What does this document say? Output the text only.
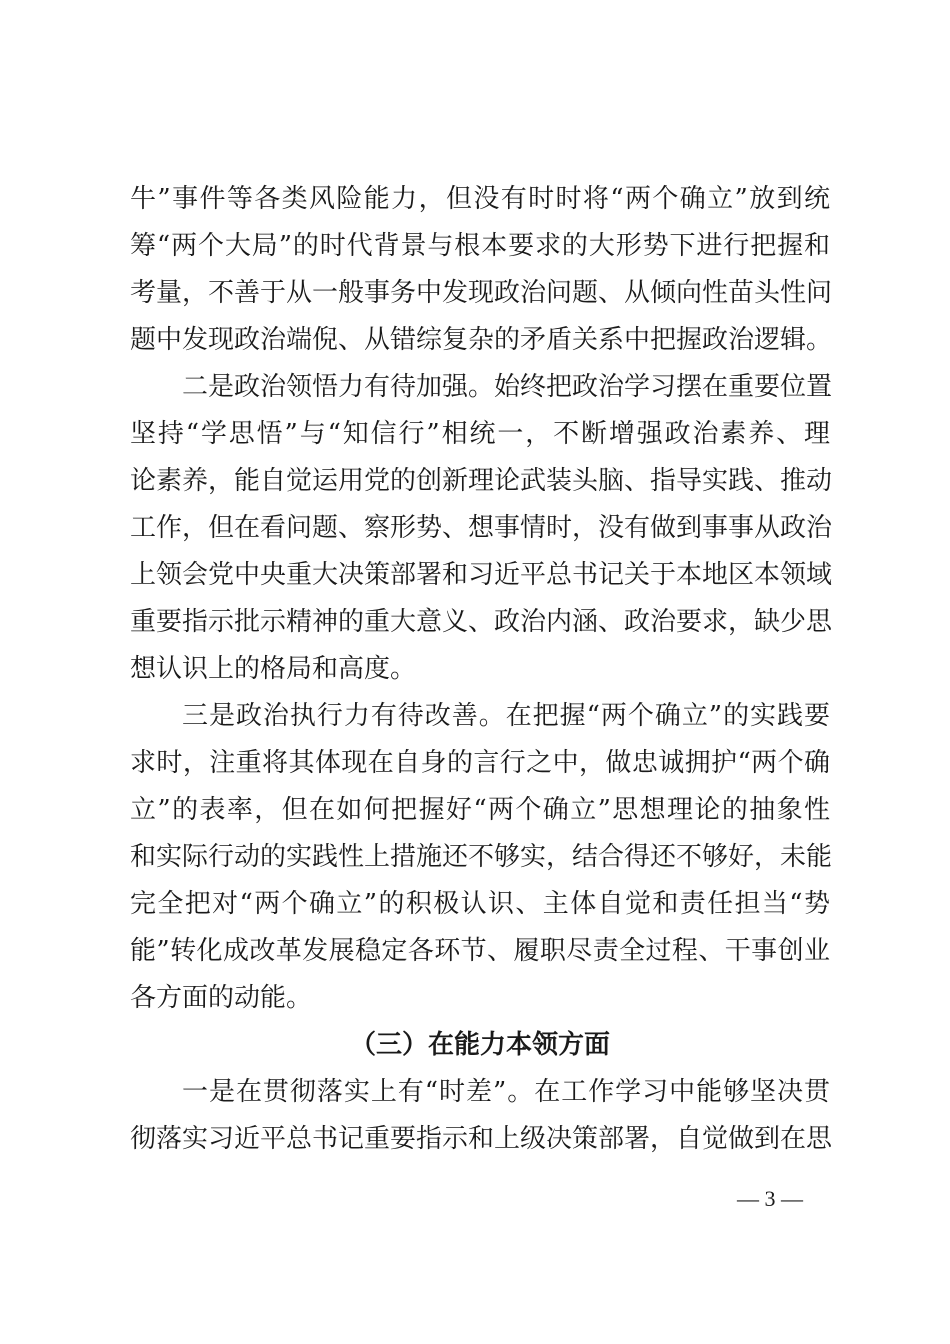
牛”事件等各类风险能力，但没有时时将“两个确立”放到统
筹“两个大局”的时代背景与根本要求的大形势下进行把握和
考量，不善于从一般事务中发现政治问题、从倾向性苗头性问
题中发现政治端倪、从错综复杂的矛盾关系中把握政治逻辑。
二是政治领悟力有待加强。始终把政治学习摆在重要位置
坚持“学思悟”与“知信行”相统一，不断增强政治素养、理
论素养，能自觉运用党的创新理论武装头脑、指导实践、推动
工作，但在看问题、察形势、想事情时，没有做到事事从政治
上领会党中央重大决策部署和习近平总书记关于本地区本领域
重要指示批示精神的重大意义、政治内涵、政治要求，缺少思
想认识上的格局和高度。
三是政治执行力有待改善。在把握“两个确立”的实践要
求时，注重将其体现在自身的言行之中，做忠诚拥护“两个确
立”的表率，但在如何把握好“两个确立”思想理论的抽象性
和实际行动的实践性上措施还不够实，结合得还不够好，未能
完全把对“两个确立”的积极认识、主体自觉和责任担当“势
能”转化成改革发展稳定各环节、履职尽责全过程、干事创业
各方面的动能。
（三）在能力本领方面
一是在贯彻落实上有“时差”。在工作学习中能够坚决贯
彻落实习近平总书记重要指示和上级决策部署，自觉做到在思
— 3 —
